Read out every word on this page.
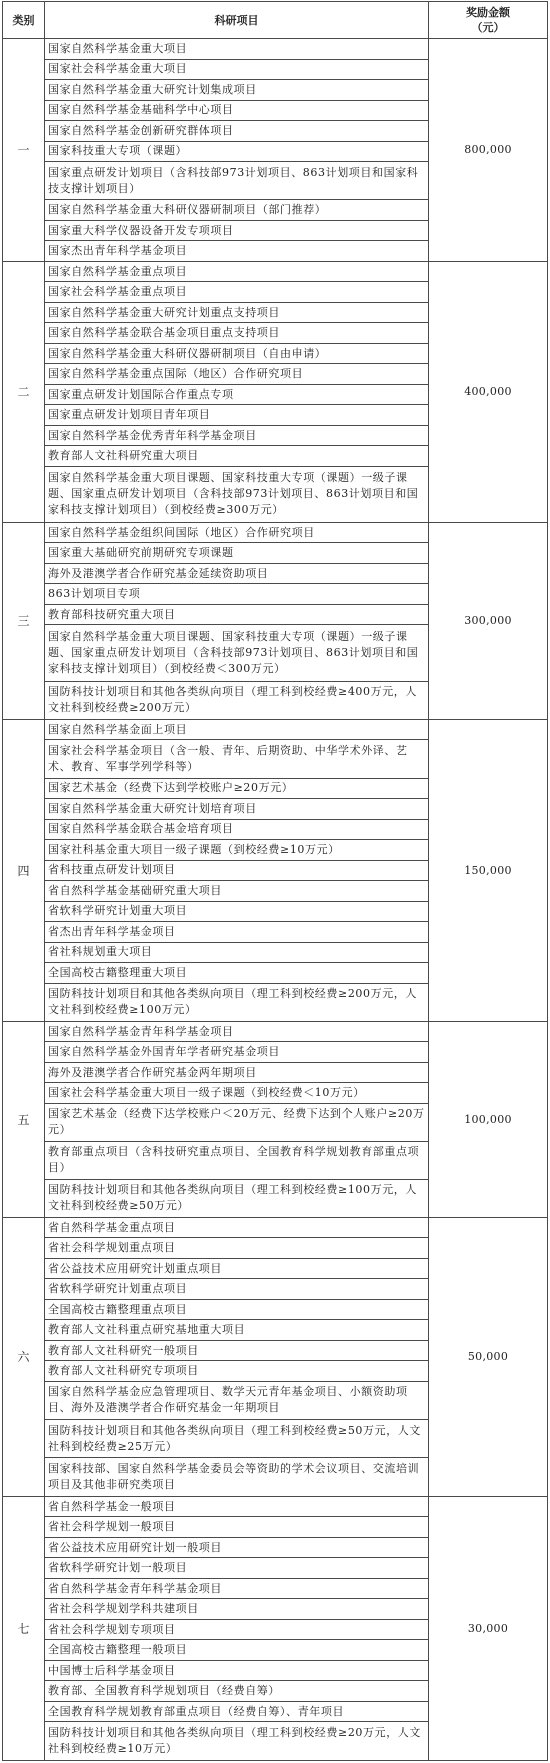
类别	科研项目	奖励金额
（元）

一	国家自然科学基金重大项目	800,000
	国家社会科学基金重大项目	
	国家自然科学基金重大研究计划集成项目	
	国家自然科学基金基础科学中心项目	
	国家自然科学基金创新研究群体项目	
	国家科技重大专项（课题）	
	国家重点研发计划项目（含科技部973计划项目、863计划项目和国家科技支撑计划项目）	
	国家自然科学基金重大科研仪器研制项目（部门推荐）	
	国家重大科学仪器设备开发专项项目	
	国家杰出青年科学基金项目	
二	国家自然科学基金重点项目	400,000
	国家社会科学基金重点项目	
	国家自然科学基金重大研究计划重点支持项目	
	国家自然科学基金联合基金项目重点支持项目	
	国家自然科学基金重大科研仪器研制项目（自由申请）	
	国家自然科学基金重点国际（地区）合作研究项目	
	国家重点研发计划国际合作重点专项	
	国家重点研发计划项目青年项目	
	国家自然科学基金优秀青年科学基金项目	
	教育部人文社科研究重大项目	
	国家自然科学基金重大项目课题、国家科技重大专项（课题）一级子课题、国家重点研发计划项目（含科技部973计划项目、863计划项目和国家科技支撑计划项目）（到校经费≥300万元）	
三	国家自然科学基金组织间国际（地区）合作研究项目	300,000
	国家重大基础研究前期研究专项课题	
	海外及港澳学者合作研究基金延续资助项目	
	863计划项目专项	
	教育部科技研究重大项目	
	国家自然科学基金重大项目课题、国家科技重大专项（课题）一级子课题、国家重点研发计划项目（含科技部973计划项目、863计划项目和国家科技支撑计划项目）（到校经费＜300万元）	
	国防科技计划项目和其他各类纵向项目（理工科到校经费≥400万元，人文社科到校经费≥200万元）	
四	国家自然科学基金面上项目	150,000
	国家社会科学基金项目（含一般、青年、后期资助、中华学术外译、艺术、教育、军事学列学科等）	
	国家艺术基金（经费下达到学校账户≥20万元）	
	国家自然科学基金重大研究计划培育项目	
	国家自然科学基金联合基金培育项目	
	国家社科基金重大项目一级子课题（到校经费≥10万元）	
	省科技重点研发计划项目	
	省自然科学基金基础研究重大项目	
	省软科学研究计划重大项目	
	省杰出青年科学基金项目	
	省社科规划重大项目	
	全国高校古籍整理重大项目	
	国防科技计划项目和其他各类纵向项目（理工科到校经费≥200万元，人文社科到校经费≥100万元）	
五	国家自然科学基金青年科学基金项目	100,000
	国家自然科学基金外国青年学者研究基金项目	
	海外及港澳学者合作研究基金两年期项目	
	国家社会科学基金重大项目一级子课题（到校经费＜10万元）	
	国家艺术基金（经费下达学校账户＜20万元、经费下达到个人账户≥20万元）	
	教育部重点项目（含科技研究重点项目、全国教育科学规划教育部重点项目）	
	国防科技计划项目和其他各类纵向项目（理工科到校经费≥100万元，人文社科到校经费≥50万元）	
六	省自然科学基金重点项目	50,000
	省社会科学规划重点项目	
	省公益技术应用研究计划重点项目	
	省软科学研究计划重点项目	
	全国高校古籍整理重点项目	
	教育部人文社科重点研究基地重大项目	
	教育部人文社科研究一般项目	
	教育部人文社科研究专项项目	
	国家自然科学基金应急管理项目、数学天元青年基金项目、小额资助项目、海外及港澳学者合作研究基金一年期项目	
	国防科技计划项目和其他各类纵向项目（理工科到校经费≥50万元，人文社科到校经费≥25万元）	
	国家科技部、国家自然科学基金委员会等资助的学术会议项目、交流培训项目及其他非研究类项目	
七	省自然科学基金一般项目	30,000
	省社会科学规划一般项目	
	省公益技术应用研究计划一般项目	
	省软科学研究计划一般项目	
	省自然科学基金青年科学基金项目	
	省社会科学规划学科共建项目	
	省社会科学规划专项项目	
	全国高校古籍整理一般项目	
	中国博士后科学基金项目	
	教育部、全国教育科学规划项目（经费自筹）	
	全国教育科学规划教育部重点项目（经费自筹）、青年项目	
	国防科技计划项目和其他各类纵向项目（理工科到校经费≥20万元，人文社科到校经费≥10万元）	
